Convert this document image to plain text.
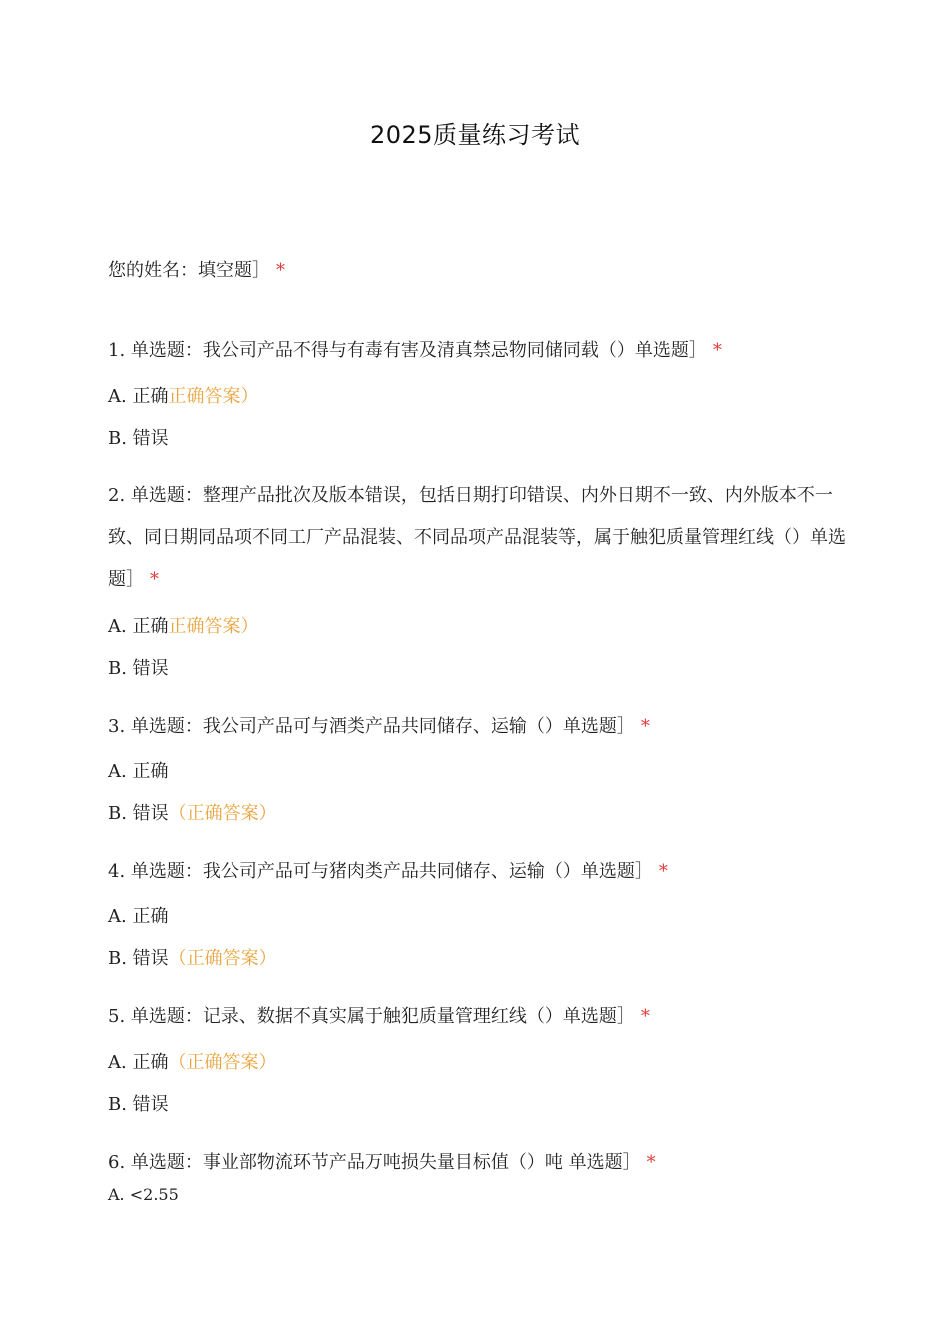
2025质量练习考试
您的姓名：填空题］ *
1. 单选题：我公司产品不得与有毒有害及清真禁忌物同储同载（）单选题］ *
A. 正确正确答案）
B. 错误
2. 单选题：整理产品批次及版本错误，包括日期打印错误、内外日期不一致、内外版本不一致、同日期同品项不同工厂产品混装、不同品项产品混装等，属于触犯质量管理红线（）单选题］ *
A. 正确正确答案）
B. 错误
3. 单选题：我公司产品可与酒类产品共同储存、运输（）单选题］ *
A. 正确
B. 错误（正确答案）
4. 单选题：我公司产品可与猪肉类产品共同储存、运输（）单选题］ *
A. 正确
B. 错误（正确答案）
5. 单选题：记录、数据不真实属于触犯质量管理红线（）单选题］ *
A. 正确（正确答案）
B. 错误
6. 单选题：事业部物流环节产品万吨损失量目标值（）吨 单选题］ *
A. <2.55
